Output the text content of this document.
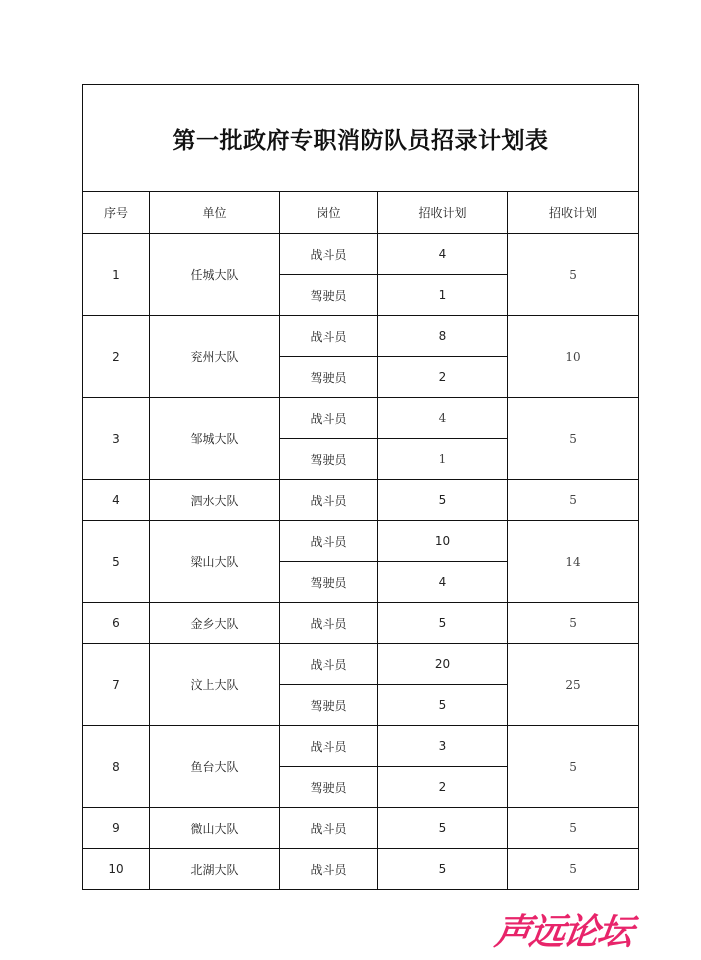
第一批政府专职消防队员招录计划表				
序号	单位	岗位	招收计划	招收计划
1	任城大队	战斗员	4	5
		驾驶员	1	
2	兖州大队	战斗员	8	10
		驾驶员	2	
3	邹城大队	战斗员	4	5
		驾驶员	1	
4	泗水大队	战斗员	5	5
5	梁山大队	战斗员	10	14
		驾驶员	4	
6	金乡大队	战斗员	5	5
7	汶上大队	战斗员	20	25
		驾驶员	5	
8	鱼台大队	战斗员	3	5
		驾驶员	2	
9	微山大队	战斗员	5	5
10	北湖大队	战斗员	5	5
声远论坛
